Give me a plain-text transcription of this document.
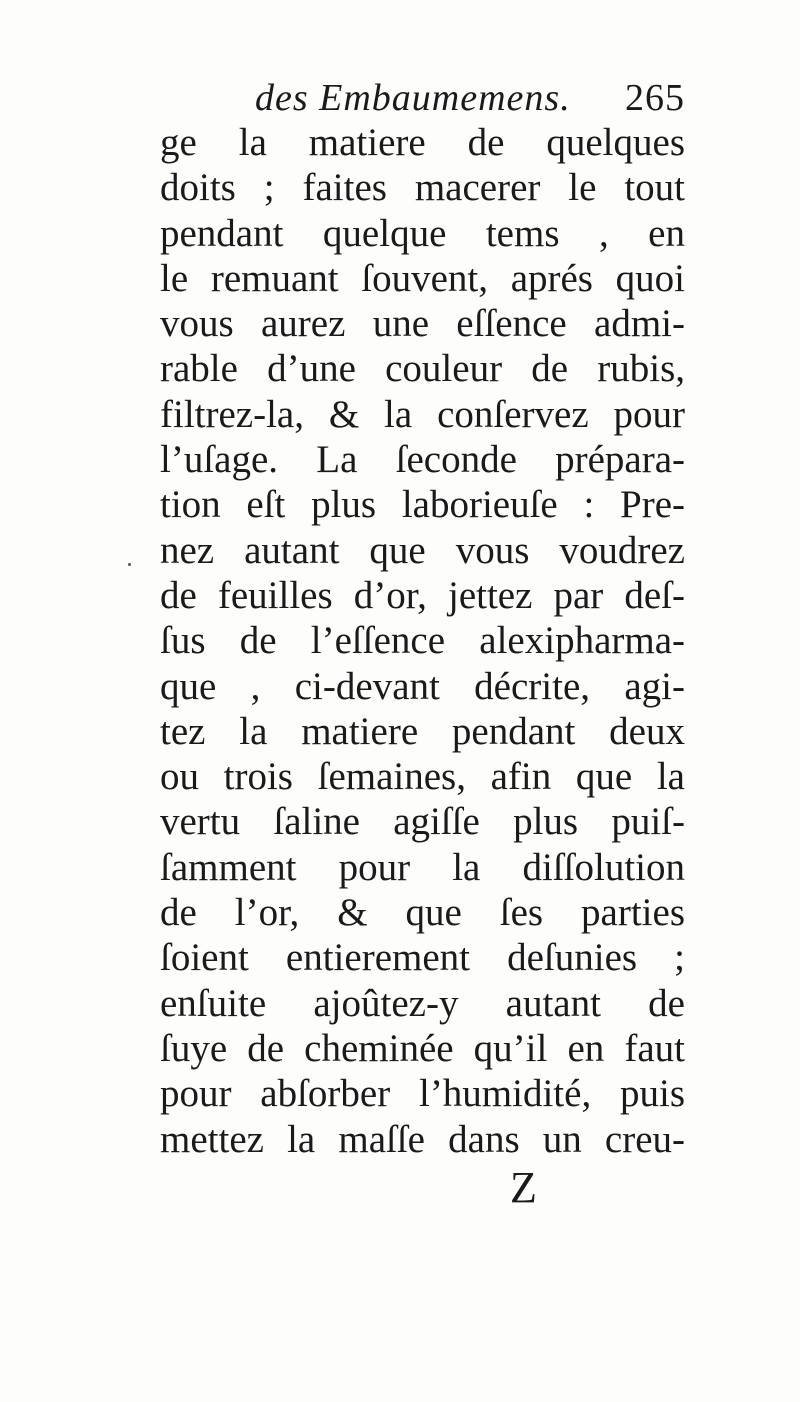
des Embaumemens. 265
ge la matiere de quelques
doits ; faites macerer le tout
pendant quelque tems , en
le remuant ſouvent, aprés quoi
vous aurez une eſſence admi-
rable d’une couleur de rubis,
filtrez-la, & la conſervez pour
l’uſage. La ſeconde prépara-
tion eſt plus laborieuſe : Pre-
nez autant que vous voudrez
de feuilles d’or, jettez par deſ-
ſus de l’eſſence alexipharma-
que , ci-devant décrite, agi-
tez la matiere pendant deux
ou trois ſemaines, afin que la
vertu ſaline agiſſe plus puiſ-
ſamment pour la diſſolution
de l’or, & que ſes parties
ſoient entierement deſunies ;
enſuite ajoûtez-y autant de
ſuye de cheminée qu’il en faut
pour abſorber l’humidité, puis
mettez la maſſe dans un creu-
Z
